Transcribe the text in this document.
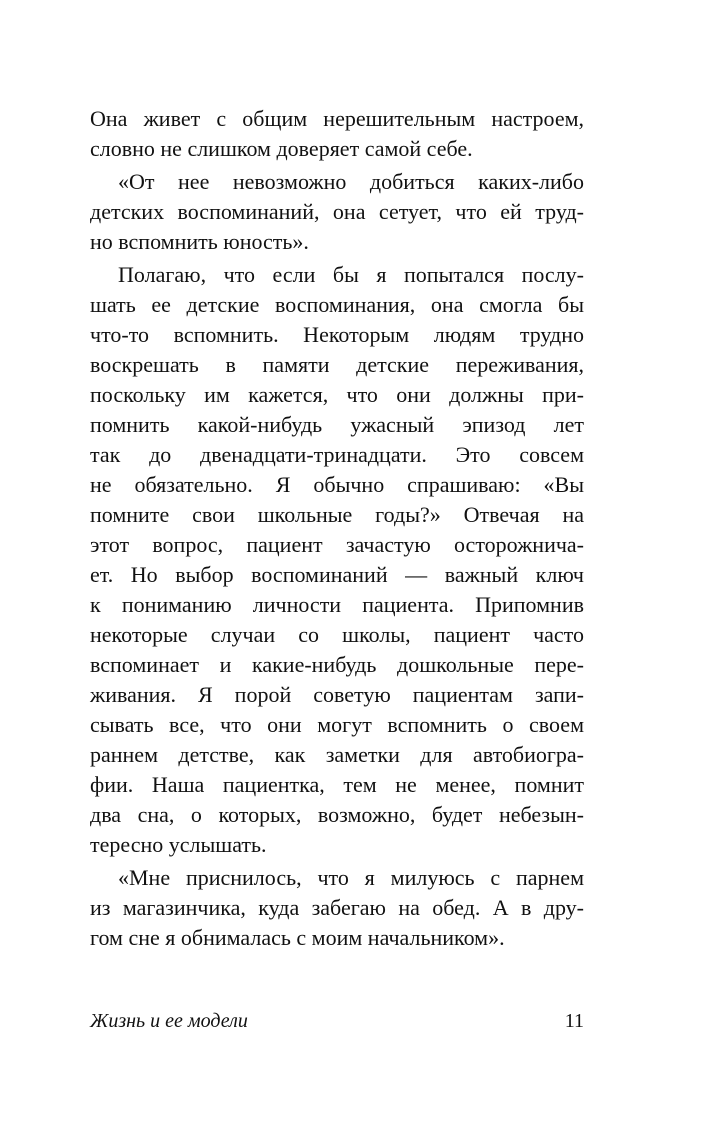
Она живет с общим нерешительным настроем,
словно не слишком доверяет самой себе.
«От нее невозможно добиться каких-либо
детских воспоминаний, она сетует, что ей труд-
но вспомнить юность».
Полагаю, что если бы я попытался послу-
шать ее детские воспоминания, она смогла бы
что-то вспомнить. Некоторым людям трудно
воскрешать в памяти детские переживания,
поскольку им кажется, что они должны при-
помнить какой-нибудь ужасный эпизод лет
так до двенадцати-тринадцати. Это совсем
не обязательно. Я обычно спрашиваю: «Вы
помните свои школьные годы?» Отвечая на
этот вопрос, пациент зачастую осторожнича-
ет. Но выбор воспоминаний — важный ключ
к пониманию личности пациента. Припомнив
некоторые случаи со школы, пациент часто
вспоминает и какие-нибудь дошкольные пере-
живания. Я порой советую пациентам запи-
сывать все, что они могут вспомнить о своем
раннем детстве, как заметки для автобиогра-
фии. Наша пациентка, тем не менее, помнит
два сна, о которых, возможно, будет небезын-
тересно услышать.
«Мне приснилось, что я милуюсь с парнем
из магазинчика, куда забегаю на обед. А в дру-
гом сне я обнималась с моим начальником».
Жизнь и ее модели	11
